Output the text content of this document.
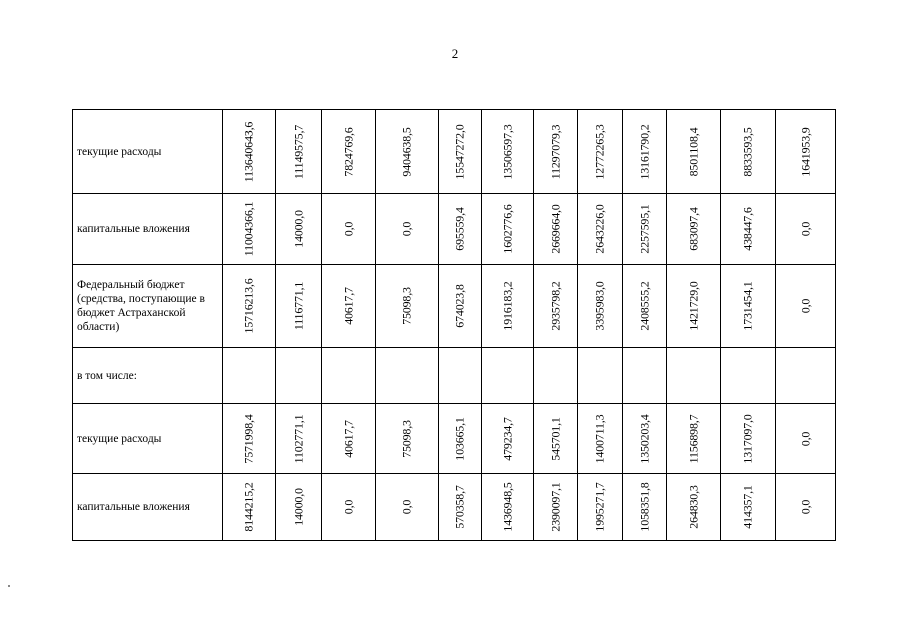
2
текущие расходы	11364064З,6	11149575,7	7824769,6	9404638,5	15547272,0	13506597,3	11297079,3	12772265,3	13161790,2	8501108,4	8833593,5	1641953,9

капитальные вложения	11004366,1	14000,0	0,0	0,0	695559,4	1602776,6	2669664,0	2643226,0	2257595,1	683097,4	438447,6	0,0

Федеральный бюджет (средства, поступающие в бюджет Астраханской области)	15716213,6	1116771,1	40617,7	75098,3	674023,8	1916183,2	2935798,2	3395983,0	2408555,2	1421729,0	1731454,1	0,0

в том числе:	

текущие расходы	7571998,4	1102771,1	40617,7	75098,3	103665,1	479234,7	545701,1	1400711,3	1350203,4	1156898,7	1317097,0	0,0

капитальные вложения	8144215,2	14000,0	0,0	0,0	570358,7	1436948,5	2390097,1	1995271,7	1058351,8	264830,3	414357,1	0,0
